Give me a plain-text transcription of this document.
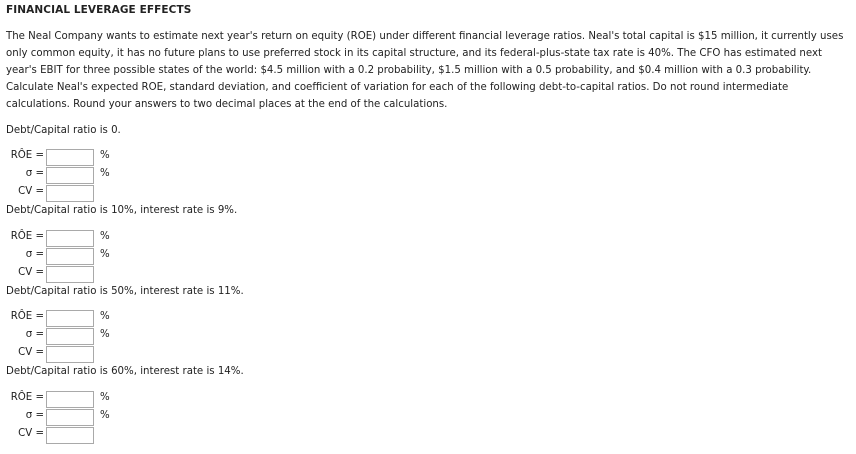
FINANCIAL LEVERAGE EFFECTS
The Neal Company wants to estimate next year's return on equity (ROE) under different financial leverage ratios. Neal's total capital is $15 million, it currently uses only common equity, it has no future plans to use preferred stock in its capital structure, and its federal-plus-state tax rate is 40%. The CFO has estimated next year's EBIT for three possible states of the world: $4.5 million with a 0.2 probability, $1.5 million with a 0.5 probability, and $0.4 million with a 0.3 probability. Calculate Neal's expected ROE, standard deviation, and coefficient of variation for each of the following debt-to-capital ratios. Do not round intermediate calculations. Round your answers to two decimal places at the end of the calculations.
Debt/Capital ratio is 0.
RÔE =	%
σ =	%
CV =
Debt/Capital ratio is 10%, interest rate is 9%.
RÔE =	%
σ =	%
CV =
Debt/Capital ratio is 50%, interest rate is 11%.
RÔE =	%
σ =	%
CV =
Debt/Capital ratio is 60%, interest rate is 14%.
RÔE =	%
σ =	%
CV =
